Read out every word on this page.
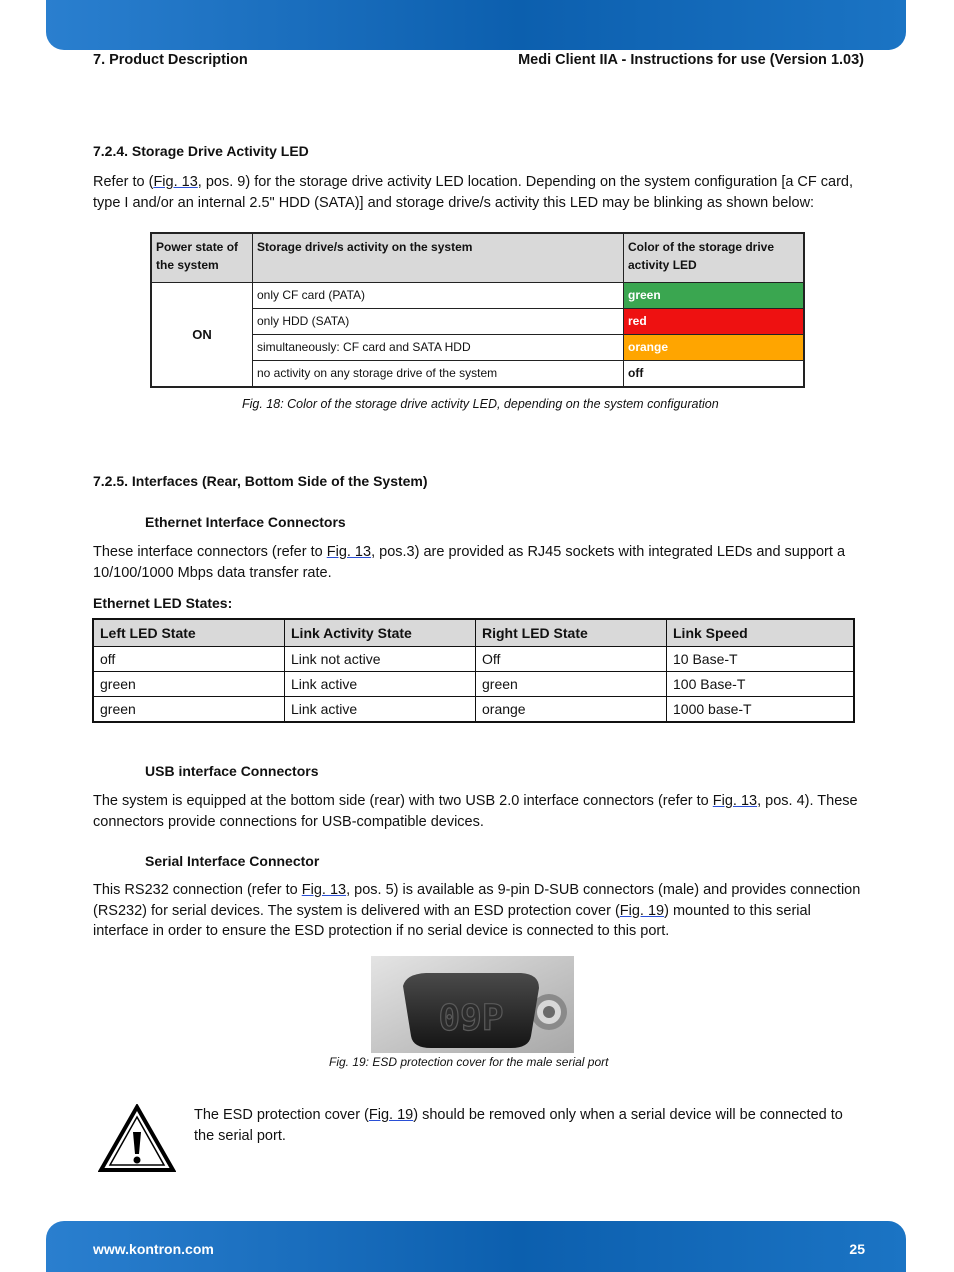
7. Product Description	Medi Client IIA - Instructions for use (Version 1.03)
7.2.4. Storage Drive Activity LED
Refer to (Fig. 13, pos. 9) for the storage drive activity LED location. Depending on the system configuration [a CF card, type I and/or an internal 2.5" HDD (SATA)] and storage drive/s activity this LED may be blinking as shown below:
Power state of the system	Storage drive/s activity on the system	Color of the storage drive activity LED
ON	only CF card (PATA)	green
	only HDD (SATA)	red
	simultaneously: CF card and SATA HDD	orange
	no activity on any storage drive of the system	off
Fig. 18: Color of the storage drive activity LED, depending on the system configuration
7.2.5. Interfaces (Rear, Bottom Side of the System)
Ethernet Interface Connectors
These interface connectors (refer to Fig. 13, pos.3) are provided as RJ45 sockets with integrated LEDs and support a 10/100/1000 Mbps data transfer rate.
Ethernet LED States:
Left LED State	Link Activity State	Right LED State	Link Speed
off	Link not active	Off	10 Base-T
green	Link active	green	100 Base-T
green	Link active	orange	1000 base-T
USB interface Connectors
The system is equipped at the bottom side (rear) with two USB 2.0 interface connectors (refer to Fig. 13, pos. 4). These connectors provide connections for USB-compatible devices.
Serial Interface Connector
This RS232 connection (refer to Fig. 13, pos. 5) is available as 9-pin D-SUB connectors (male) and provides connection (RS232) for serial devices. The system is delivered with an ESD protection cover (Fig. 19) mounted to this serial interface in order to ensure the ESD protection if no serial device is connected to this port.
09P
Fig. 19: ESD protection cover for the male serial port
The ESD protection cover (Fig. 19) should be removed only when a serial device will be connected to the serial port.
www.kontron.com	25
